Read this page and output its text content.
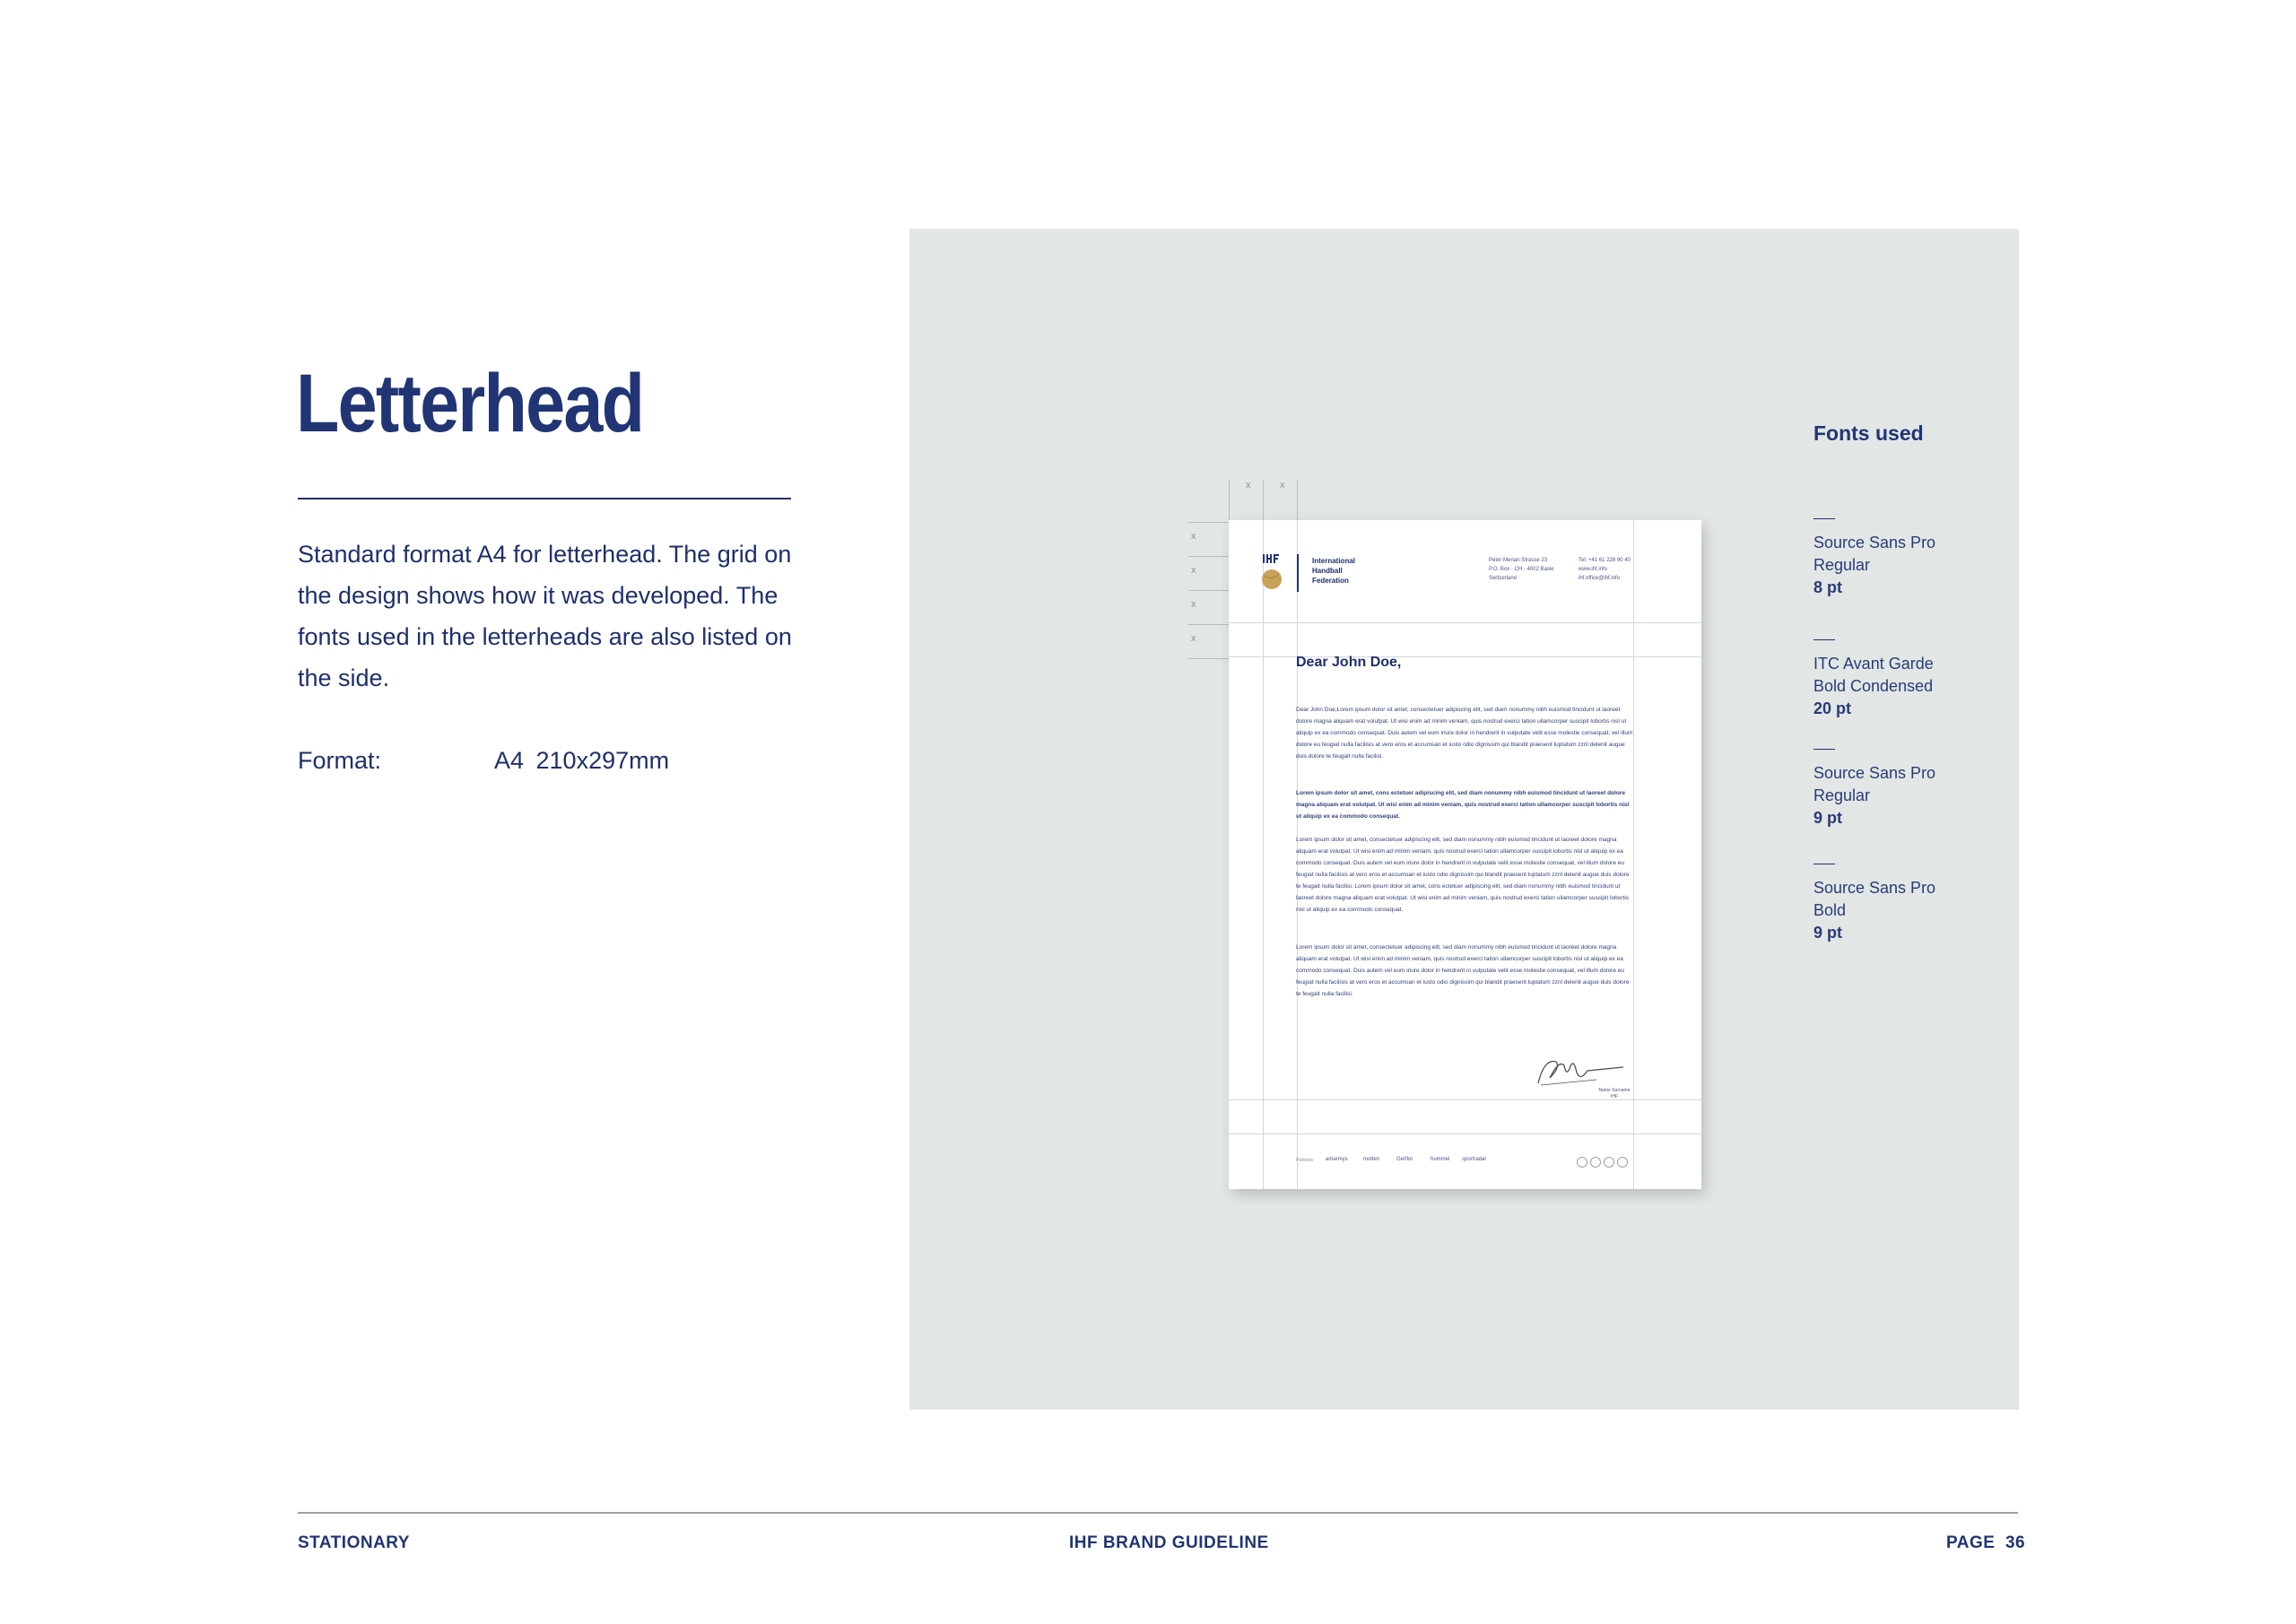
Letterhead

Standard format A4 for letterhead. The grid on the design shows how it was developed. The fonts used in the letterheads are also listed on the side.

Format:	A4 210x297mm
x	x
x
x
x
x
International
Handball
Federation
Peter Merian-Strasse 23
P.O. Box · CH - 4002 Basle
Switzerland
Tel: +41 61 228 90 40
www.ihf.info
ihf.office@ihf.info
Dear John Doe,

Dear John Doe,Lorem ipsum dolor sit amet, consectetuer adipiscing elit, sed diam nonummy nibh euismod tincidunt ut laoreet dolore magna aliquam erat volutpat. Ut wisi enim ad minim veniam, quis nostrud exerci tation ullamcorper suscipit lobortis nisl ut aliquip ex ea commodo consequat. Duis autem vel eum iriure dolor in hendrerit in vulputate velit esse molestie consequat, vel illum dolore eu feugiat nulla facilisis at vero eros et accumsan et iusto odio dignissim qui blandit praesent luptatum zzril delenit augue duis dolore te feugait nulla facilisi.

Lorem ipsum dolor sit amet, cons ectetuer adipiscing elit, sed diam nonummy nibh euismod tincidunt ut laoreet dolore magna aliquam erat volutpat. Ut wisi enim ad minim veniam, quis nostrud exerci tation ullamcorper suscipit lobortis nisl ut aliquip ex ea commodo consequat.

Lorem ipsum dolor sit amet, consectetuer adipiscing elit, sed diam nonummy nibh euismod tincidunt ut laoreet dolore magna aliquam erat volutpat. Ut wisi enim ad minim veniam, quis nostrud exerci tation ullamcorper suscipit lobortis nisl ut aliquip ex ea commodo consequat. Duis autem vel eum iriure dolor in hendrerit in vulputate velit esse molestie consequat, vel illum dolore eu feugiat nulla facilisis at vero eros et accumsan et iusto odio dignissim qui blandit praesent luptatum zzril delenit augue duis dolore te feugait nulla facilisi. Lorem ipsum dolor sit amet, cons ectetuer adipiscing elit, sed diam nonummy nibh euismod tincidunt ut laoreet dolore magna aliquam erat volutpat. Ut wisi enim ad minim veniam, quis nostrud exerci tation ullamcorper suscipit lobortis nisl ut aliquip ex ea commodo consequat.

Lorem ipsum dolor sit amet, consectetuer adipiscing elit, sed diam nonummy nibh euismod tincidunt ut laoreet dolore magna aliquam erat volutpat. Ut wisi enim ad minim veniam, quis nostrud exerci tation ullamcorper suscipit lobortis nisl ut aliquip ex ea commodo consequat. Duis autem vel eum iriure dolor in hendrerit in vulputate velit esse molestie consequat, vel illum dolore eu feugiat nulla facilisis at vero eros et accumsan et iusto odio dignissim qui blandit praesent luptatum zzril delenit augue duis dolore te feugait nulla facilisi.

Name Surname
IHF
Partners: amarmys	molten	Gerflor	hummel sportradar
Fonts used
Source Sans Pro
Regular
8 pt
ITC Avant Garde
Bold Condensed
20 pt
Source Sans Pro
Regular
9 pt
Source Sans Pro
Bold
9 pt
STATIONARY	IHF BRAND GUIDELINE	PAGE  36
